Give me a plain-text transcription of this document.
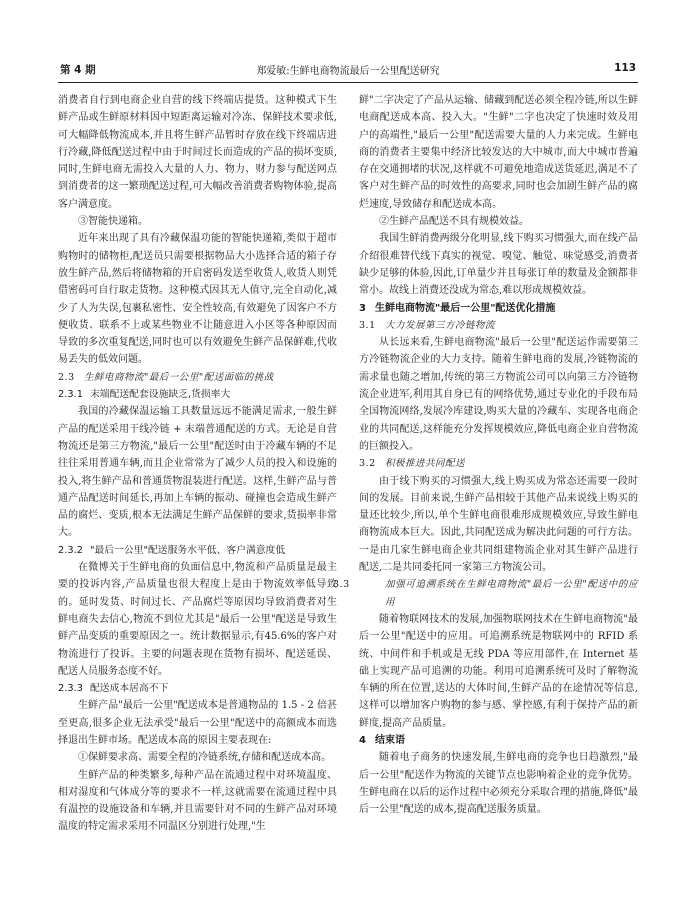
第 4 期	郑爱敏:生鲜电商物流最后一公里配送研究	113

消费者自行到电商企业自营的线下终端店提货。这种模式下生鲜产品或生鲜原材料因中短距离运输对冷冻、保鲜技术要求低,可大幅降低物流成本,并且将生鲜产品暂时存放在线下终端店进行冷藏,降低配送过程中由于时间过长而造成的产品的损坏变质,同时,生鲜电商无需投入大量的人力、物力、财力参与配送网点到消费者的这一繁琐配送过程,可大幅改善消费者购物体验,提高客户满意度。

③智能快递箱。

近年来出现了具有冷藏保温功能的智能快递箱,类似于超市购物时的储物柜,配送员只需要根据物品大小选择合适的箱子存放生鲜产品,然后将储物箱的开启密码发送至收货人,收货人则凭借密码可自行取走货物。这种模式因其无人值守,完全自动化,减少了人为失误,包裹私密性、安全性较高,有效避免了因客户不方便收货、联系不上或某些物业不让随意进入小区等各种原因而导致的多次重复配送,同时也可以有效避免生鲜产品保鲜难,代收易丢失的低效问题。

2.3 生鲜电商物流"最后一公里"配送面临的挑战
2.3.1 末端配送配套设施缺乏,货损率大

我国的冷藏保温运输工具数量远远不能满足需求,一般生鲜产品的配送采用干线冷链 + 末端普通配送的方式。无论是自营物流还是第三方物流,"最后一公里"配送时由于冷藏车辆的不足往往采用普通车辆,而且企业常常为了减少人员的投入和设施的投入,将生鲜产品和普通货物混装进行配送。这样,生鲜产品与普通产品配送时间延长,再加上车辆的振动、碰撞也会造成生鲜产品的腐烂、变质,根本无法满足生鲜产品保鲜的要求,货损率非常大。

2.3.2 "最后一公里"配送服务水平低、客户满意度低

在微博关于生鲜电商的负面信息中,物流和产品质量是最主要的投诉内容,产品质量也很大程度上是由于物流效率低导致的。延时发货、时间过长、产品腐烂等原因均导致消费者对生鲜电商失去信心,物流不到位尤其是"最后一公里"配送是导致生鲜产品变质的重要原因之一。统计数据显示,有45.6%的客户对物流进行了投诉。主要的问题表现在货物有损坏、配送延误、配送人员服务态度不好。

2.3.3 配送成本居高不下

生鲜产品"最后一公里"配送成本是普通物品的 1.5 - 2 倍甚至更高,很多企业无法承受"最后一公里"配送中的高额成本而选择退出生鲜市场。配送成本高的原因主要表现在:

①保鲜要求高、需要全程的冷链系统,存储和配送成本高。

生鲜产品的种类繁多,每种产品在流通过程中对环境温度、相对湿度和气体成分等的要求不一样,这就需要在流通过程中具有温控的设施设备和车辆,并且需要针对不同的生鲜产品对环境温度的特定需求采用不同温区分别进行处理,"生

鲜"二字决定了产品从运输、储藏到配送必须全程冷链,所以生鲜电商配送成本高、投入大。"生鲜"二字也决定了快速时效及用户的高端性,"最后一公里"配送需要大量的人力来完成。生鲜电商的消费者主要集中经济比较发达的大中城市,而大中城市普遍存在交通拥堵的状况,这样就不可避免地造成送货延迟,满足不了客户对生鲜产品的时效性的高要求,同时也会加剧生鲜产品的腐烂速度,导致储存和配送成本高。

②生鲜产品配送不具有规模效益。

我国生鲜消费两级分化明显,线下购买习惯强大,而在线产品介绍很难替代线下真实的视觉、嗅觉、触觉、味觉感受,消费者缺少足够的体验,因此,订单量少并且每张订单的数量及金额都非常小。故线上消费还没成为常态,难以形成规模效益。

3 生鲜电商物流"最后一公里"配送优化措施
3.1 大力发展第三方冷链物流

从长远来看,生鲜电商物流"最后一公里"配送运作需要第三方冷链物流企业的大力支持。随着生鲜电商的发展,冷链物流的需求量也随之增加,传统的第三方物流公司可以向第三方冷链物流企业进军,利用其自身已有的网络优势,通过专业化的手段布局全国物流网络,发展冷库建设,购买大量的冷藏车、实现各电商企业的共同配送,这样能充分发挥规模效应,降低电商企业自营物流的巨额投入。

3.2 积极推进共同配送

由于线下购买的习惯强大,线上购买成为常态还需要一段时间的发展。目前来说,生鲜产品相较于其他产品来说线上购买的量还比较少,所以,单个生鲜电商很难形成规模效应,导致生鲜电商物流成本巨大。因此,共同配送成为解决此问题的可行方法。一是由几家生鲜电商企业共同组建物流企业对其生鲜产品进行配送,二是共同委托同一家第三方物流公司。

3.3	加强可追溯系统在生鲜电商物流"最后一公里"配送中的应用

随着物联网技术的发展,加强物联网技术在生鲜电商物流"最后一公里"配送中的应用。可追溯系统是物联网中的 RFID 系统、中间件和手机或是无线 PDA 等应用部件,在 Internet 基础上实现产品可追溯的功能。利用可追溯系统可及时了解物流车辆的所在位置,送达的大体时间,生鲜产品的在途情况等信息,这样可以增加客户购物的参与感、掌控感,有利于保持产品的新鲜度,提高产品质量。

4 结束语

随着电子商务的快速发展,生鲜电商的竞争也日趋激烈,"最后一公里"配送作为物流的关键节点也影响着企业的竞争优势。生鲜电商在以后的运作过程中必须充分采取合理的措施,降低"最后一公里"配送的成本,提高配送服务质量。
